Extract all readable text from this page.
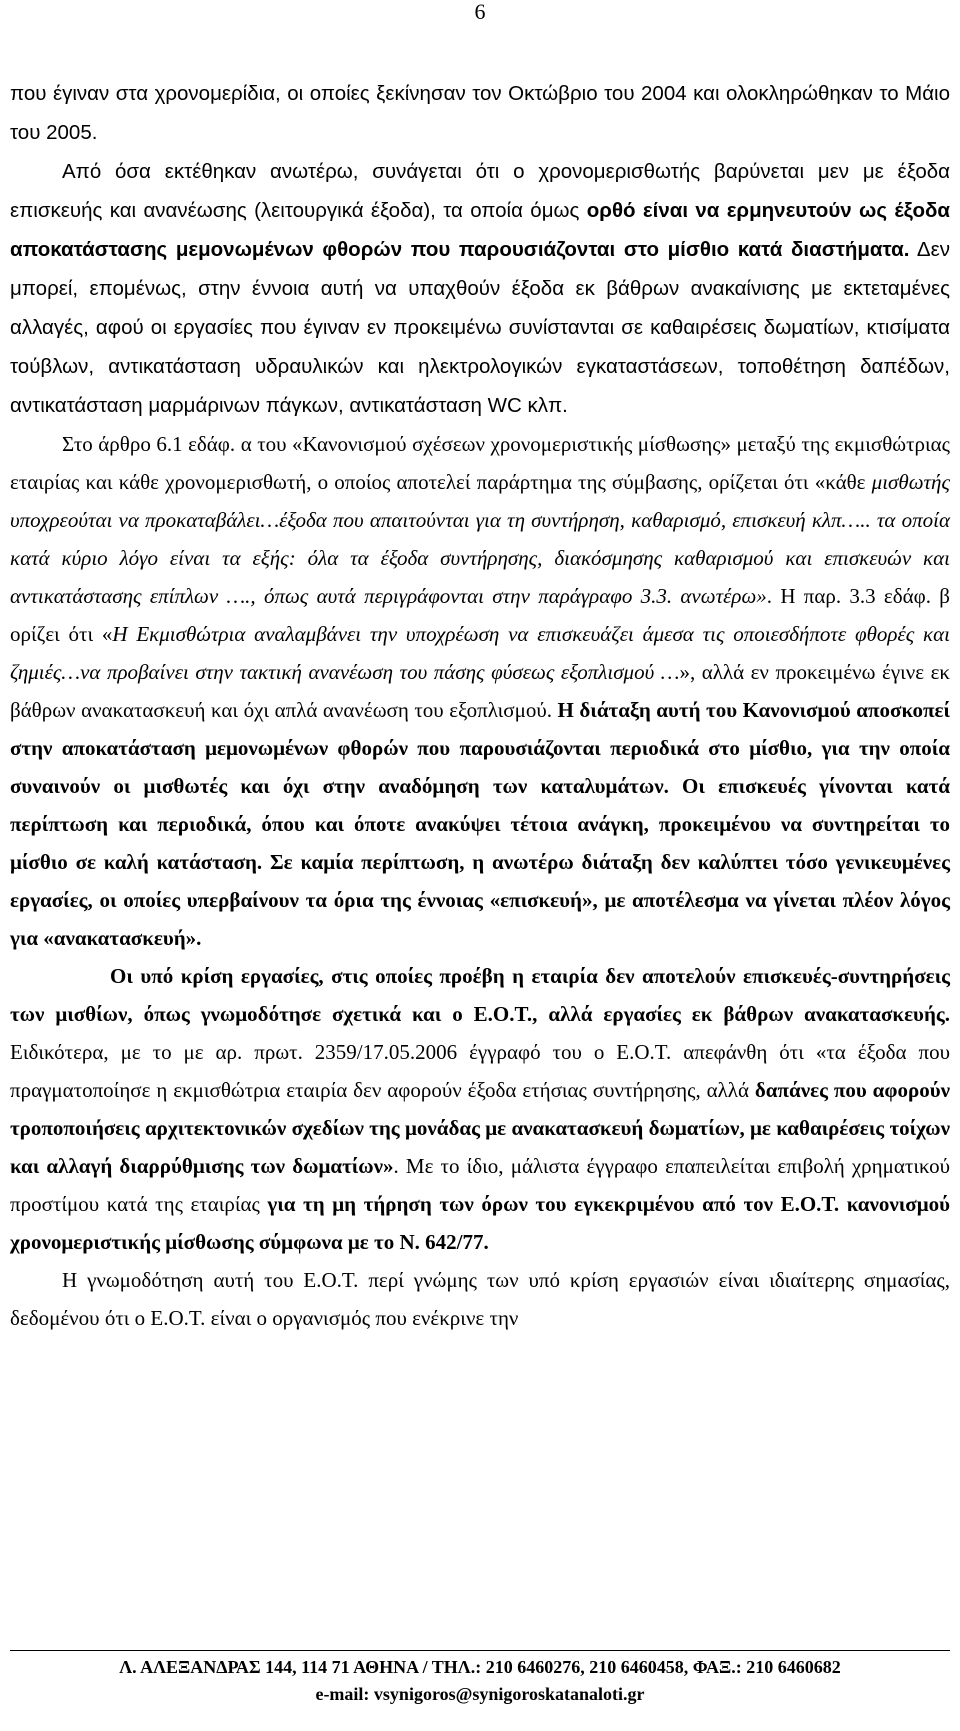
6

που έγιναν στα χρονομερίδια, οι οποίες ξεκίνησαν τον Οκτώβριο του 2004 και ολοκληρώθηκαν το Μάιο του 2005.

Από όσα εκτέθηκαν ανωτέρω, συνάγεται ότι ο χρονομερισθωτής βαρύνεται μεν με έξοδα επισκευής και ανανέωσης (λειτουργικά έξοδα), τα οποία όμως ορθό είναι να ερμηνευτούν ως έξοδα αποκατάστασης μεμονωμένων φθορών που παρουσιάζονται στο μίσθιο κατά διαστήματα. Δεν μπορεί, επομένως, στην έννοια αυτή να υπαχθούν έξοδα εκ βάθρων ανακαίνισης με εκτεταμένες αλλαγές, αφού οι εργασίες που έγιναν εν προκειμένω συνίστανται σε καθαιρέσεις δωματίων, κτισίματα τούβλων, αντικατάσταση υδραυλικών και ηλεκτρολογικών εγκαταστάσεων, τοποθέτηση δαπέδων, αντικατάσταση μαρμάρινων πάγκων, αντικατάσταση WC κλπ.

Στο άρθρο 6.1 εδάφ. α του «Κανονισμού σχέσεων χρονομεριστικής μίσθωσης» μεταξύ της εκμισθώτριας εταιρίας και κάθε χρονομερισθωτή, ο οποίος αποτελεί παράρτημα της σύμβασης, ορίζεται ότι «κάθε μισθωτής υποχρεούται να προκαταβάλει…έξοδα που απαιτούνται για τη συντήρηση, καθαρισμό, επισκευή κλπ….. τα οποία κατά κύριο λόγο είναι τα εξής: όλα τα έξοδα συντήρησης, διακόσμησης καθαρισμού και επισκευών και αντικατάστασης επίπλων …., όπως αυτά περιγράφονται στην παράγραφο 3.3. ανωτέρω». Η παρ. 3.3 εδάφ. β ορίζει ότι «Η Εκμισθώτρια αναλαμβάνει την υποχρέωση να επισκευάζει άμεσα τις οποιεσδήποτε φθορές και ζημιές…να προβαίνει στην τακτική ανανέωση του πάσης φύσεως εξοπλισμού …», αλλά εν προκειμένω έγινε εκ βάθρων ανακατασκευή και όχι απλά ανανέωση του εξοπλισμού. Η διάταξη αυτή του Κανονισμού αποσκοπεί στην αποκατάσταση μεμονωμένων φθορών που παρουσιάζονται περιοδικά στο μίσθιο, για την οποία συναινούν οι μισθωτές και όχι στην αναδόμηση των καταλυμάτων. Οι επισκευές γίνονται κατά περίπτωση και περιοδικά, όπου και όποτε ανακύψει τέτοια ανάγκη, προκειμένου να συντηρείται το μίσθιο σε καλή κατάσταση. Σε καμία περίπτωση, η ανωτέρω διάταξη δεν καλύπτει τόσο γενικευμένες εργασίες, οι οποίες υπερβαίνουν τα όρια της έννοιας «επισκευή», με αποτέλεσμα να γίνεται πλέον λόγος για «ανακατασκευή».

Οι υπό κρίση εργασίες, στις οποίες προέβη η εταιρία δεν αποτελούν επισκευές-συντηρήσεις των μισθίων, όπως γνωμοδότησε σχετικά και ο Ε.Ο.Τ., αλλά εργασίες εκ βάθρων ανακατασκευής. Ειδικότερα, με το με αρ. πρωτ. 2359/17.05.2006 έγγραφό του ο Ε.Ο.Τ. απεφάνθη ότι «τα έξοδα που πραγματοποίησε η εκμισθώτρια εταιρία δεν αφορούν έξοδα ετήσιας συντήρησης, αλλά δαπάνες που αφορούν τροποποιήσεις αρχιτεκτονικών σχεδίων της μονάδας με ανακατασκευή δωματίων, με καθαιρέσεις τοίχων και αλλαγή διαρρύθμισης των δωματίων». Με το ίδιο, μάλιστα έγγραφο επαπειλείται επιβολή χρηματικού προστίμου κατά της εταιρίας για τη μη τήρηση των όρων του εγκεκριμένου από τον Ε.Ο.Τ. κανονισμού χρονομεριστικής μίσθωσης σύμφωνα με το Ν. 642/77.

Η γνωμοδότηση αυτή του Ε.Ο.Τ. περί γνώμης των υπό κρίση εργασιών είναι ιδιαίτερης σημασίας, δεδομένου ότι ο Ε.Ο.Τ. είναι ο οργανισμός που ενέκρινε την

Λ. ΑΛΕΞΑΝΔΡΑΣ 144, 114 71 ΑΘΗΝΑ / ΤΗΛ.: 210 6460276, 210 6460458, ΦΑΞ.: 210 6460682
e-mail: vsynigoros@synigoroskatanaloti.gr
